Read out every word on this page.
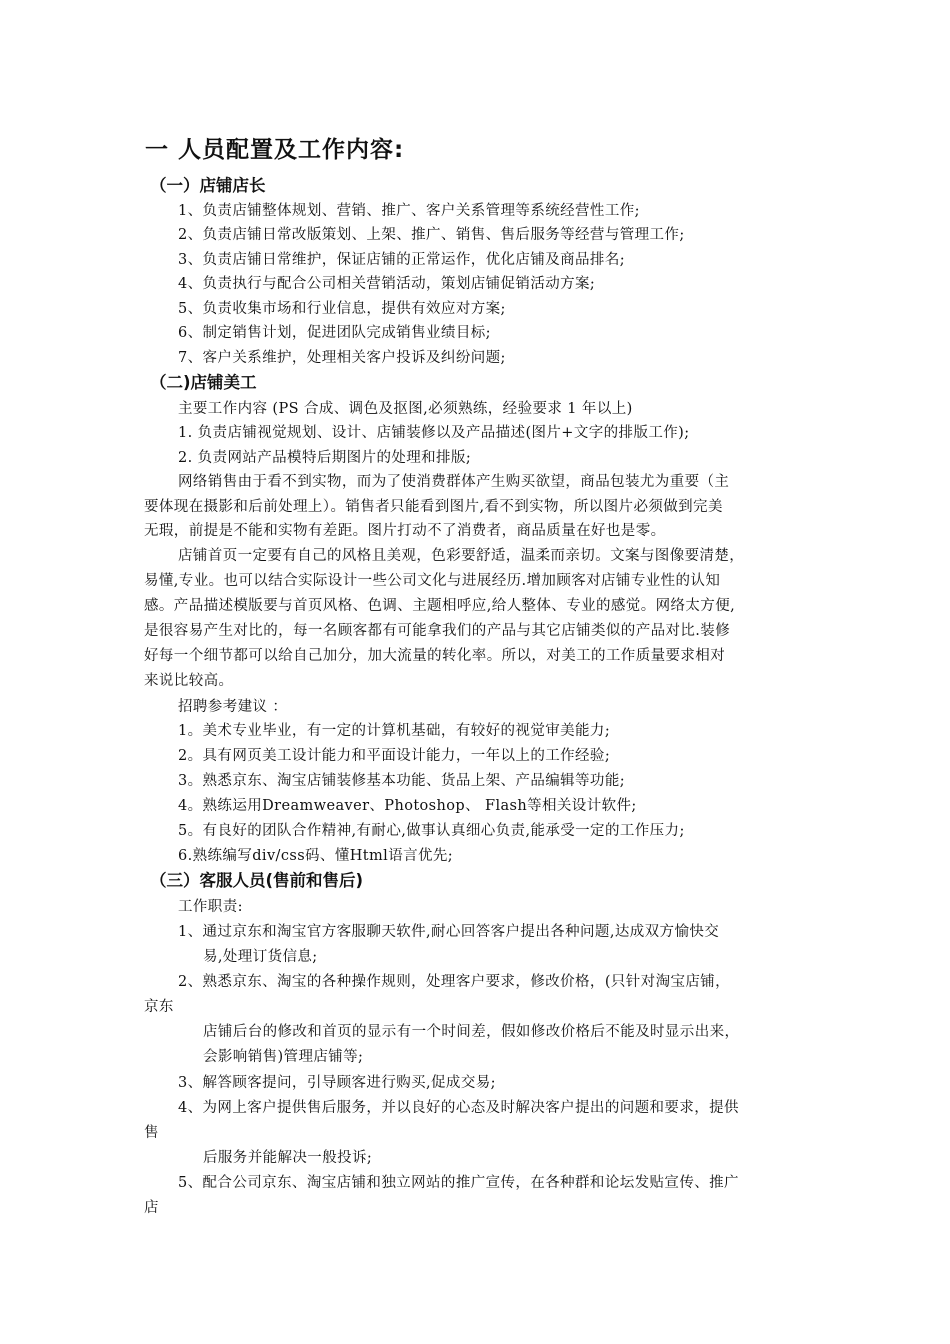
一 人员配置及工作内容:
（一）店铺店长
1、负责店铺整体规划、营销、推广、客户关系管理等系统经营性工作;
2、负责店铺日常改版策划、上架、推广、销售、售后服务等经营与管理工作;
3、负责店铺日常维护，保证店铺的正常运作，优化店铺及商品排名;
4、负责执行与配合公司相关营销活动，策划店铺促销活动方案;
5、负责收集市场和行业信息，提供有效应对方案;
6、制定销售计划，促进团队完成销售业绩目标;
7、客户关系维护，处理相关客户投诉及纠纷问题;
（二)店铺美工
主要工作内容 (PS 合成、调色及抠图,必须熟练，经验要求 1 年以上)
1. 负责店铺视觉规划、设计、店铺装修以及产品描述(图片+文字的排版工作);
2. 负责网站产品模特后期图片的处理和排版;
网络销售由于看不到实物，而为了使消费群体产生购买欲望，商品包装尤为重要（主
要体现在摄影和后前处理上）。销售者只能看到图片,看不到实物，所以图片必须做到完美
无瑕，前提是不能和实物有差距。图片打动不了消费者，商品质量在好也是零。
店铺首页一定要有自己的风格且美观，色彩要舒适，温柔而亲切。文案与图像要清楚，
易懂,专业。也可以结合实际设计一些公司文化与进展经历.增加顾客对店铺专业性的认知
感。产品描述模版要与首页风格、色调、主题相呼应,给人整体、专业的感觉。网络太方便,
是很容易产生对比的，每一名顾客都有可能拿我们的产品与其它店铺类似的产品对比.装修
好每一个细节都可以给自己加分，加大流量的转化率。所以，对美工的工作质量要求相对
来说比较高。
招聘参考建议 ：
1。美术专业毕业，有一定的计算机基础，有较好的视觉审美能力;
2。具有网页美工设计能力和平面设计能力，一年以上的工作经验;
3。熟悉京东、淘宝店铺装修基本功能、货品上架、产品编辑等功能;
4。熟练运用Dreamweaver、Photoshop、 Flash等相关设计软件;
5。有良好的团队合作精神,有耐心,做事认真细心负责,能承受一定的工作压力;
6.熟练编写div/css码、懂Html语言优先;
（三）客服人员(售前和售后)
工作职责:
1、通过京东和淘宝官方客服聊天软件,耐心回答客户提出各种问题,达成双方愉快交
易,处理订货信息;
2、熟悉京东、淘宝的各种操作规则，处理客户要求，修改价格，(只针对淘宝店铺，
京东
店铺后台的修改和首页的显示有一个时间差，假如修改价格后不能及时显示出来，
会影响销售)管理店铺等;
3、解答顾客提问，引导顾客进行购买,促成交易;
4、为网上客户提供售后服务，并以良好的心态及时解决客户提出的问题和要求，提供
售
后服务并能解决一般投诉;
5、配合公司京东、淘宝店铺和独立网站的推广宣传，在各种群和论坛发贴宣传、推广
店
